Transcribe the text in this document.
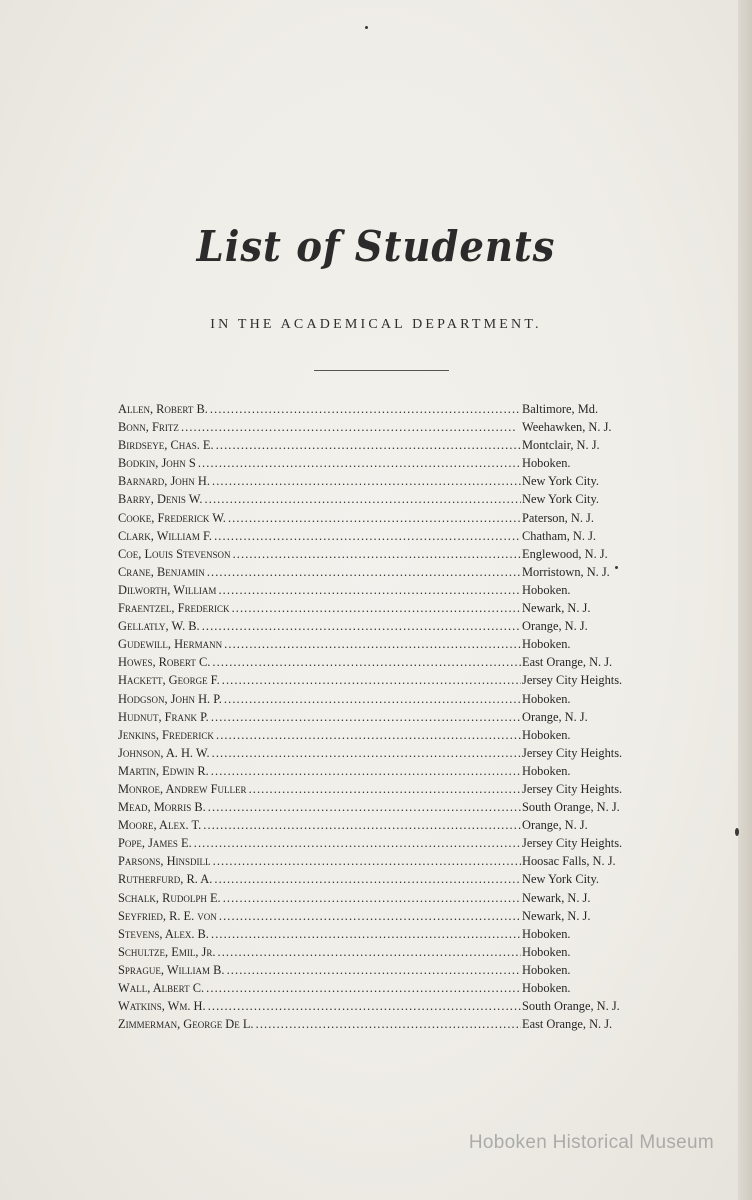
List of Students
IN THE ACADEMICAL DEPARTMENT.
Allen, Robert B. . . .	Baltimore, Md.
Bonn, Fritz . . .	Weehawken, N. J.
Birdseye, Chas. E. . . .	Montclair, N. J.
Bodkin, John S . . .	Hoboken.
Barnard, John H. . . .	New York City.
Barry, Denis W. . . .	New York City.
Cooke, Frederick W. . . .	Paterson, N. J.
Clark, William F. . . .	Chatham, N. J.
Coe, Louis Stevenson . . .	Englewood, N. J.
Crane, Benjamin . . .	Morristown, N. J.
Dilworth, William . . .	Hoboken.
Fraentzel, Frederick . . .	Newark, N. J.
Gellatly, W. B. . . .	Orange, N. J.
Gudewill, Hermann . . .	Hoboken.
Howes, Robert C. . . .	East Orange, N. J.
Hackett, George F. . . .	Jersey City Heights.
Hodgson, John H. P. . . .	Hoboken.
Hudnut, Frank P. . . .	Orange, N. J.
Jenkins, Frederick . . .	Hoboken.
Johnson, A. H. W. . . .	Jersey City Heights.
Martin, Edwin R. . . .	Hoboken.
Monroe, Andrew Fuller . . .	Jersey City Heights.
Mead, Morris B. . . .	South Orange, N. J.
Moore, Alex. T. . . .	Orange, N. J.
Pope, James E. . . .	Jersey City Heights.
Parsons, Hinsdill . . .	Hoosac Falls, N. J.
Rutherfurd, R. A. . . .	New York City.
Schalk, Rudolph E. . . .	Newark, N. J.
Seyfried, R. E. von . . .	Newark, N. J.
Stevens, Alex. B. . . .	Hoboken.
Schultze, Emil, Jr. . . .	Hoboken.
Sprague, William B. . . .	Hoboken.
Wall, Albert C. . . .	Hoboken.
Watkins, Wm. H. . . .	South Orange, N. J.
Zimmerman, George De L. . . .	East Orange, N. J.
Hoboken Historical Museum
